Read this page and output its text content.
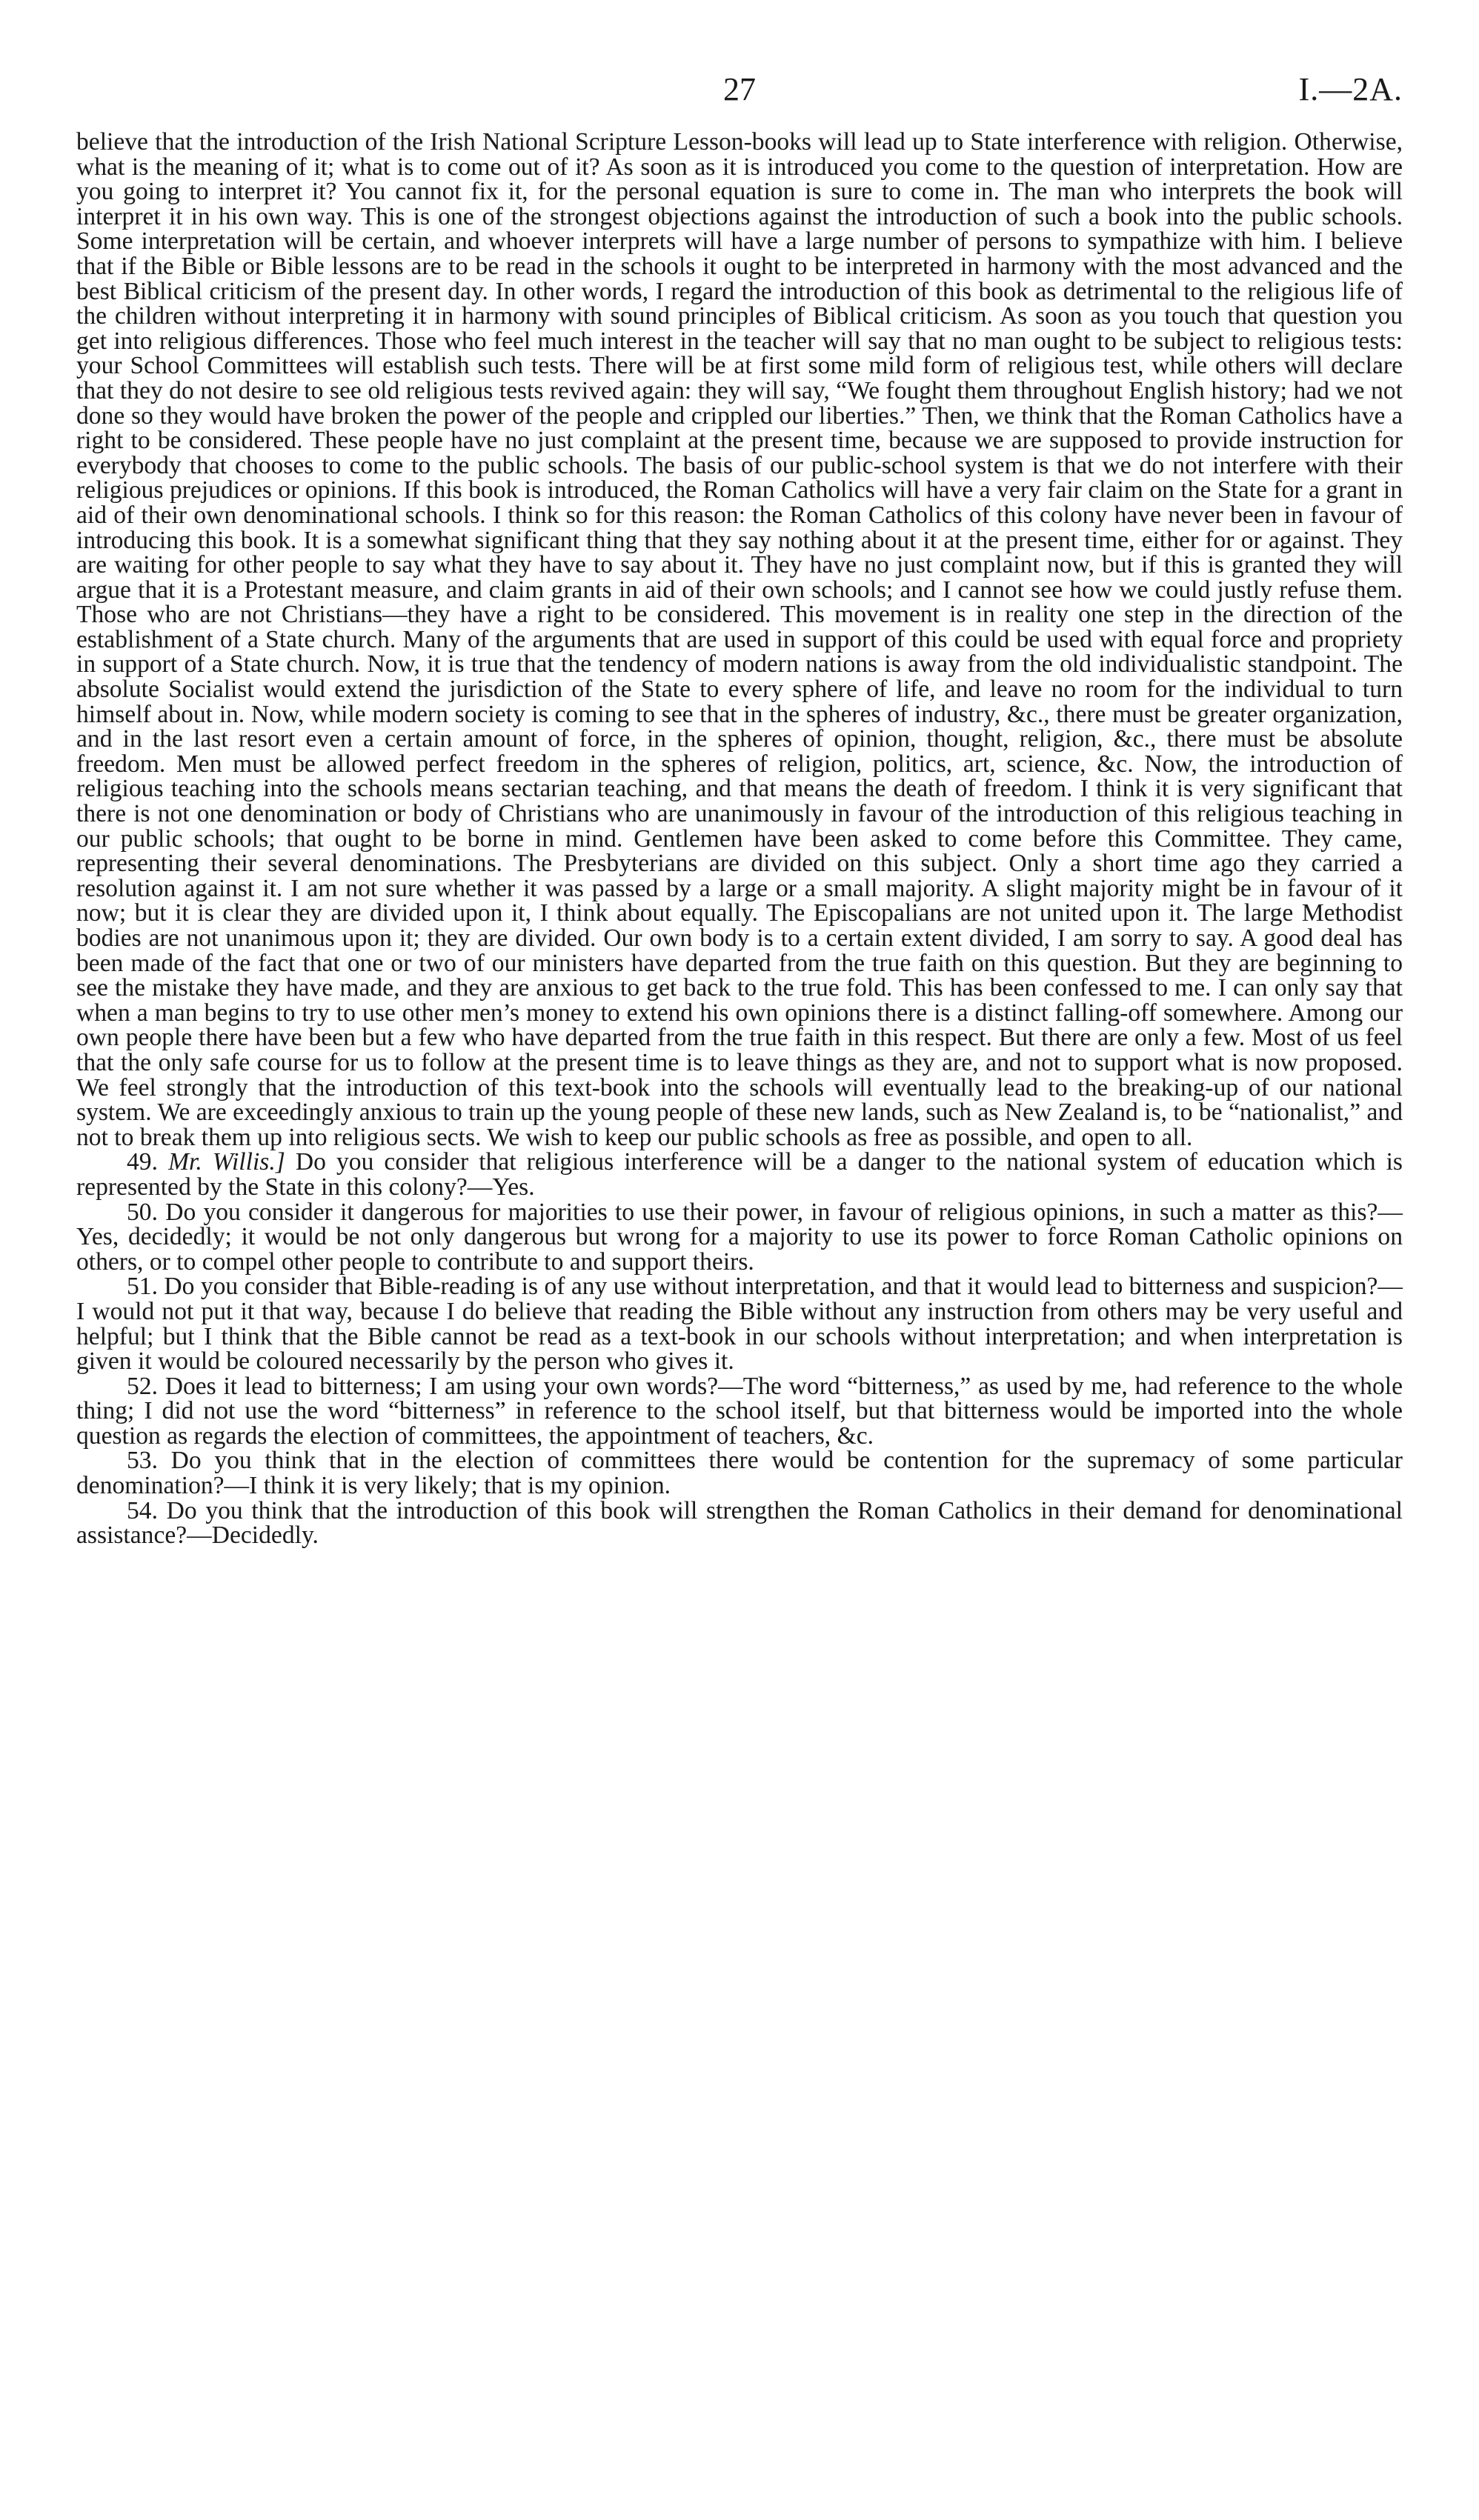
27	I.—2A.

believe that the introduction of the Irish National Scripture Lesson-books will lead up to State interference with religion. Otherwise, what is the meaning of it; what is to come out of it? As soon as it is introduced you come to the question of interpretation. How are you going to interpret it? You cannot fix it, for the personal equation is sure to come in. The man who interprets the book will interpret it in his own way. This is one of the strongest objections against the introduction of such a book into the public schools. Some interpretation will be certain, and whoever interprets will have a large number of persons to sympathize with him. I believe that if the Bible or Bible lessons are to be read in the schools it ought to be interpreted in harmony with the most advanced and the best Biblical criticism of the present day. In other words, I regard the introduction of this book as detrimental to the religious life of the children without interpreting it in harmony with sound principles of Biblical criticism. As soon as you touch that question you get into religious differences. Those who feel much interest in the teacher will say that no man ought to be subject to religious tests: your School Committees will establish such tests. There will be at first some mild form of religious test, while others will declare that they do not desire to see old religious tests revived again: they will say, “We fought them throughout English history; had we not done so they would have broken the power of the people and crippled our liberties.” Then, we think that the Roman Catholics have a right to be considered. These people have no just complaint at the present time, because we are supposed to provide instruction for everybody that chooses to come to the public schools. The basis of our public-school system is that we do not interfere with their religious prejudices or opinions. If this book is introduced, the Roman Catholics will have a very fair claim on the State for a grant in aid of their own denominational schools. I think so for this reason: the Roman Catholics of this colony have never been in favour of introducing this book. It is a somewhat significant thing that they say nothing about it at the present time, either for or against. They are waiting for other people to say what they have to say about it. They have no just complaint now, but if this is granted they will argue that it is a Protestant measure, and claim grants in aid of their own schools; and I cannot see how we could justly refuse them. Those who are not Christians—they have a right to be considered. This movement is in reality one step in the direction of the establishment of a State church. Many of the arguments that are used in support of this could be used with equal force and propriety in support of a State church. Now, it is true that the tendency of modern nations is away from the old individualistic standpoint. The absolute Socialist would extend the jurisdiction of the State to every sphere of life, and leave no room for the individual to turn himself about in. Now, while modern society is coming to see that in the spheres of industry, &c., there must be greater organization, and in the last resort even a certain amount of force, in the spheres of opinion, thought, religion, &c., there must be absolute freedom. Men must be allowed perfect freedom in the spheres of religion, politics, art, science, &c. Now, the introduction of religious teaching into the schools means sectarian teaching, and that means the death of freedom. I think it is very significant that there is not one denomination or body of Christians who are unanimously in favour of the introduction of this religious teaching in our public schools; that ought to be borne in mind. Gentlemen have been asked to come before this Committee. They came, representing their several denominations. The Presbyterians are divided on this subject. Only a short time ago they carried a resolution against it. I am not sure whether it was passed by a large or a small majority. A slight majority might be in favour of it now; but it is clear they are divided upon it, I think about equally. The Episcopalians are not united upon it. The large Methodist bodies are not unanimous upon it; they are divided. Our own body is to a certain extent divided, I am sorry to say. A good deal has been made of the fact that one or two of our ministers have departed from the true faith on this question. But they are beginning to see the mistake they have made, and they are anxious to get back to the true fold. This has been confessed to me. I can only say that when a man begins to try to use other men’s money to extend his own opinions there is a distinct falling-off somewhere. Among our own people there have been but a few who have departed from the true faith in this respect. But there are only a few. Most of us feel that the only safe course for us to follow at the present time is to leave things as they are, and not to support what is now proposed. We feel strongly that the introduction of this text-book into the schools will eventually lead to the breaking-up of our national system. We are exceedingly anxious to train up the young people of these new lands, such as New Zealand is, to be “nationalist,” and not to break them up into religious sects. We wish to keep our public schools as free as possible, and open to all.

49. Mr. Willis.] Do you consider that religious interference will be a danger to the national system of education which is represented by the State in this colony?—Yes.

50. Do you consider it dangerous for majorities to use their power, in favour of religious opinions, in such a matter as this?—Yes, decidedly; it would be not only dangerous but wrong for a majority to use its power to force Roman Catholic opinions on others, or to compel other people to contribute to and support theirs.

51. Do you consider that Bible-reading is of any use without interpretation, and that it would lead to bitterness and suspicion?—I would not put it that way, because I do believe that reading the Bible without any instruction from others may be very useful and helpful; but I think that the Bible cannot be read as a text-book in our schools without interpretation; and when interpretation is given it would be coloured necessarily by the person who gives it.

52. Does it lead to bitterness; I am using your own words?—The word “bitterness,” as used by me, had reference to the whole thing; I did not use the word “bitterness” in reference to the school itself, but that bitterness would be imported into the whole question as regards the election of committees, the appointment of teachers, &c.

53. Do you think that in the election of committees there would be contention for the supremacy of some particular denomination?—I think it is very likely; that is my opinion.

54. Do you think that the introduction of this book will strengthen the Roman Catholics in their demand for denominational assistance?—Decidedly.
